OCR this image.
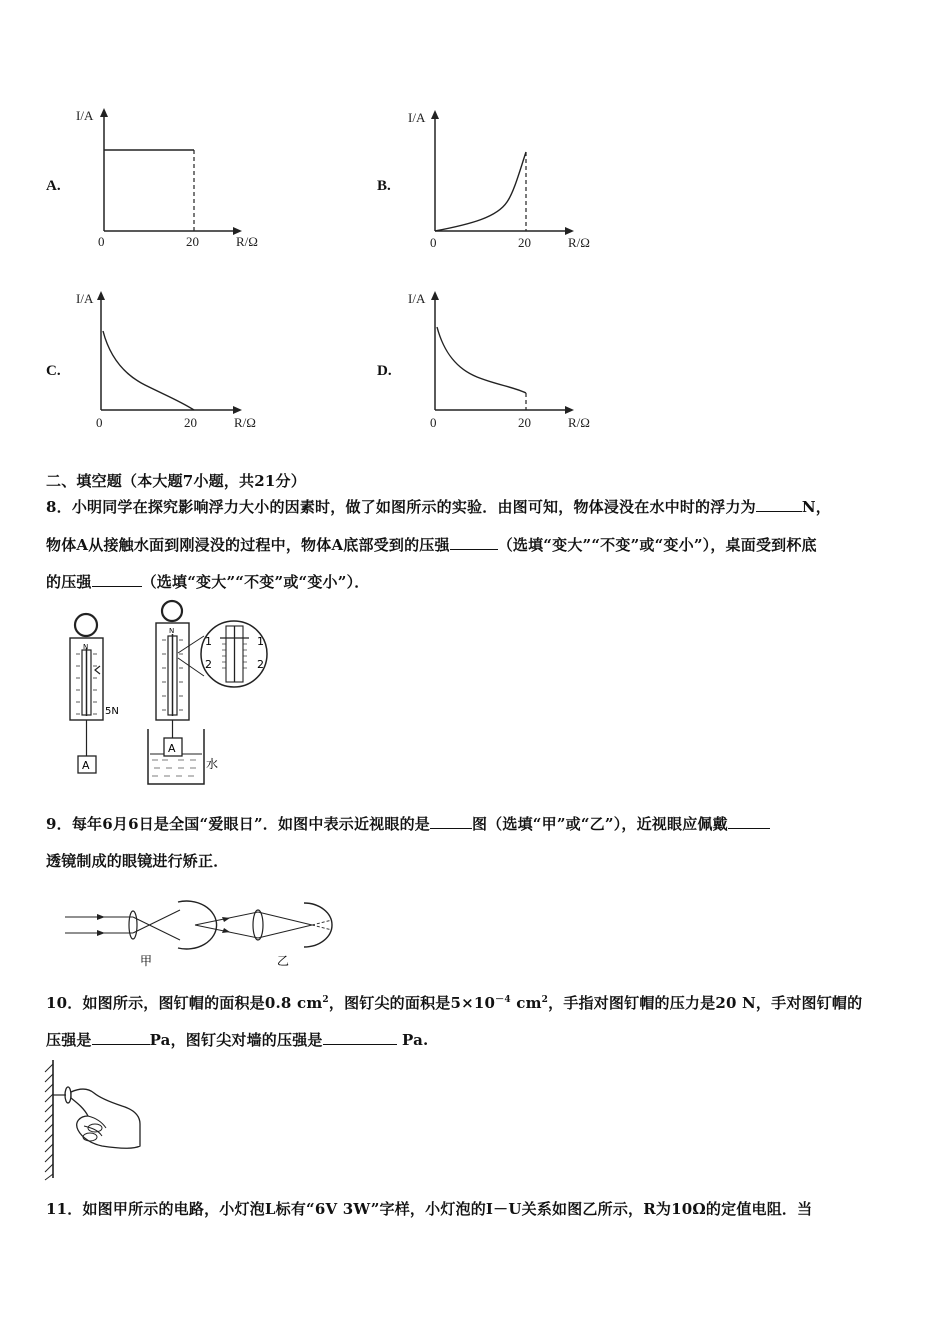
A.
I/A
0	20	R/Ω
B.
I/A
0	20	R/Ω
C.
I/A
0	20	R/Ω
D.
I/A
0	20	R/Ω
二、填空题（本大题7小题，共21分）
8．小明同学在探究影响浮力大小的因素时，做了如图所示的实验．由图可知，物体浸没在水中时的浮力为	N，
物体A从接触水面到刚浸没的过程中，物体A底部受到的压强	（选填“变大”“不变”或“变小”），桌面受到杯底
的压强	（选填“变大”“不变”或“变小”）．
N
5N
A
N
A
水
1	1
2	2
9．每年6月6日是全国“爱眼日”．如图中表示近视眼的是	图（选填“甲”或“乙”），近视眼应佩戴
透镜制成的眼镜进行矫正．
甲	乙
10．如图所示，图钉帽的面积是0.8 $cm^2$，图钉尖的面积是$5\times 10^{-4}$ $cm^2$，手指对图钉帽的压力是20 N，手对图钉帽的
压强是	Pa，图钉尖对墙的压强是	Pa.
11．如图甲所示的电路，小灯泡L标有“6V 3W”字样，小灯泡的I－U关系如图乙所示，R为10Ω的定值电阻．当
